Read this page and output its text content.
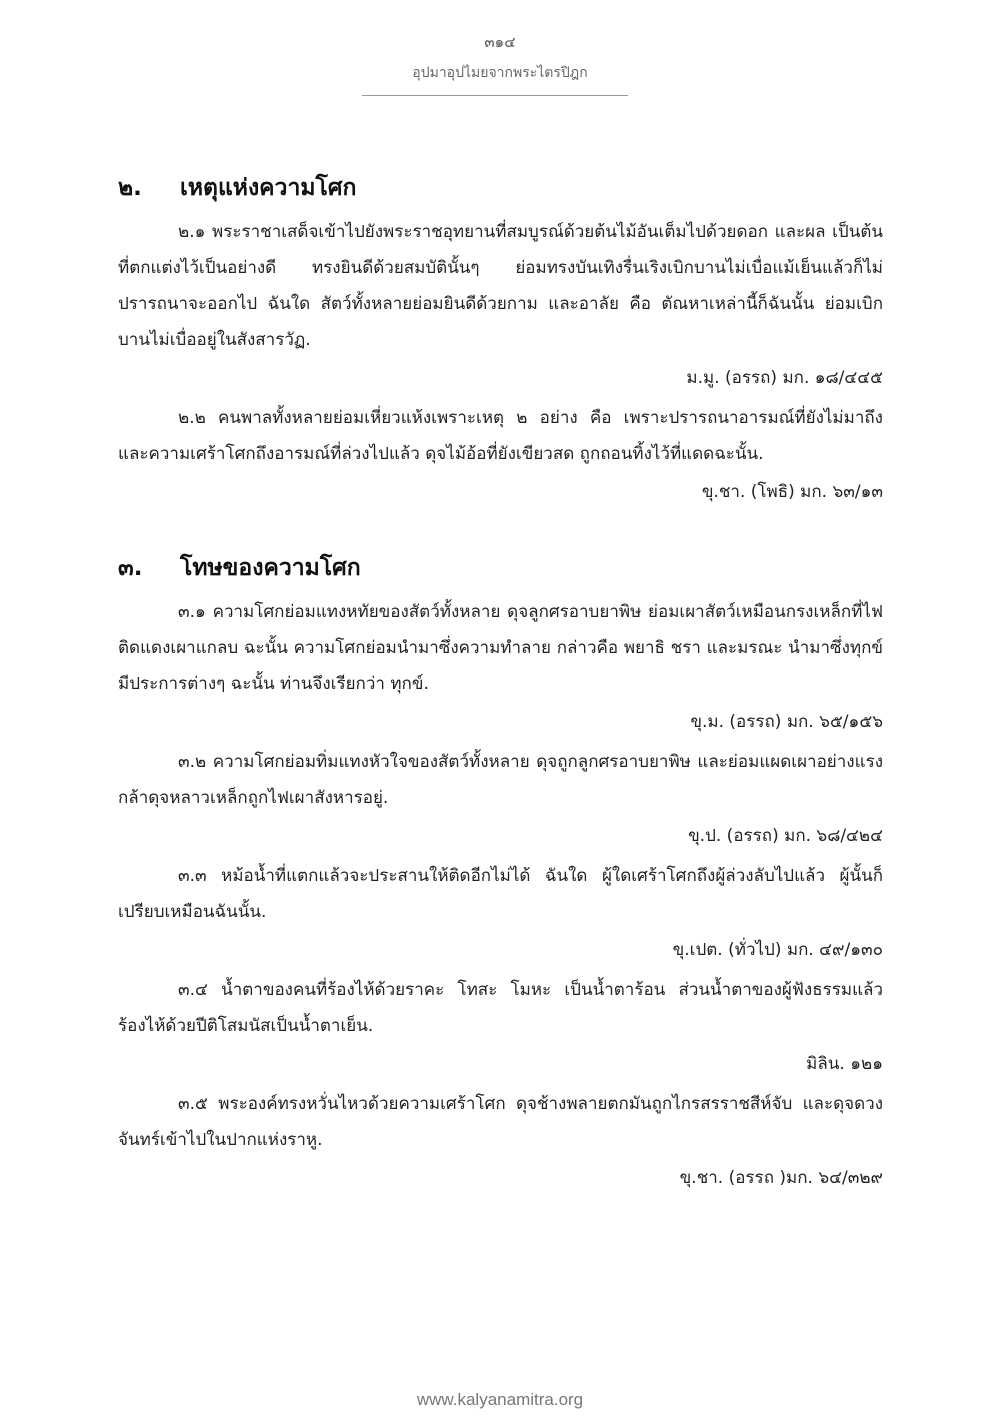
๓๑๔
อุปมาอุปไมยจากพระไตรปิฎก
๒.	เหตุแห่งความโศก

๒.๑ พระราชาเสด็จเข้าไปยังพระราชอุทยานที่สมบูรณ์ด้วยต้นไม้อันเต็มไปด้วยดอก และผล เป็นต้น ที่ตกแต่งไว้เป็นอย่างดี ทรงยินดีด้วยสมบัตินั้นๆ ย่อมทรงบันเทิงรื่นเริงเบิกบานไม่เบื่อแม้เย็นแล้วก็ไม่ปรารถนาจะออกไป ฉันใด สัตว์ทั้งหลายย่อมยินดีด้วยกาม และอาลัย คือ ตัณหาเหล่านี้ก็ฉันนั้น ย่อมเบิกบานไม่เบื่ออยู่ในสังสารวัฏ.

ม.มู. (อรรถ) มก. ๑๘/๔๔๕

๒.๒ คนพาลทั้งหลายย่อมเหี่ยวแห้งเพราะเหตุ ๒ อย่าง คือ เพราะปรารถนาอารมณ์ที่ยังไม่มาถึง และความเศร้าโศกถึงอารมณ์ที่ล่วงไปแล้ว ดุจไม้อ้อที่ยังเขียวสด ถูกถอนทิ้งไว้ที่แดดฉะนั้น.

ขุ.ชา. (โพธิ) มก. ๖๓/๑๓
๓.	โทษของความโศก

๓.๑ ความโศกย่อมแทงหทัยของสัตว์ทั้งหลาย ดุจลูกศรอาบยาพิษ ย่อมเผาสัตว์เหมือนกรงเหล็กที่ไฟติดแดงเผาแกลบ ฉะนั้น ความโศกย่อมนำมาซึ่งความทำลาย กล่าวคือ พยาธิ ชรา และมรณะ นำมาซึ่งทุกข์มีประการต่างๆ ฉะนั้น ท่านจึงเรียกว่า ทุกข์.

ขุ.ม. (อรรถ) มก. ๖๕/๑๕๖

๓.๒ ความโศกย่อมทิ่มแทงหัวใจของสัตว์ทั้งหลาย ดุจถูกลูกศรอาบยาพิษ และย่อมแผดเผาอย่างแรงกล้าดุจหลาวเหล็กถูกไฟเผาสังหารอยู่.

ขุ.ป. (อรรถ) มก. ๖๘/๔๒๔

๓.๓ หม้อน้ำที่แตกแล้วจะประสานให้ติดอีกไม่ได้ ฉันใด ผู้ใดเศร้าโศกถึงผู้ล่วงลับไปแล้ว ผู้นั้นก็เปรียบเหมือนฉันนั้น.

ขุ.เปต. (ทั่วไป) มก. ๔๙/๑๓๐

๓.๔ น้ำตาของคนที่ร้องไห้ด้วยราคะ โทสะ โมหะ เป็นน้ำตาร้อน ส่วนน้ำตาของผู้ฟังธรรมแล้วร้องไห้ด้วยปีติโสมนัสเป็นน้ำตาเย็น.

มิลิน. ๑๒๑

๓.๕ พระองค์ทรงหวั่นไหวด้วยความเศร้าโศก ดุจช้างพลายตกมันถูกไกรสรราชสีห์จับ และดุจดวงจันทร์เข้าไปในปากแห่งราหู.

ขุ.ชา. (อรรถ )มก. ๖๔/๓๒๙
www.kalyanamitra.org
